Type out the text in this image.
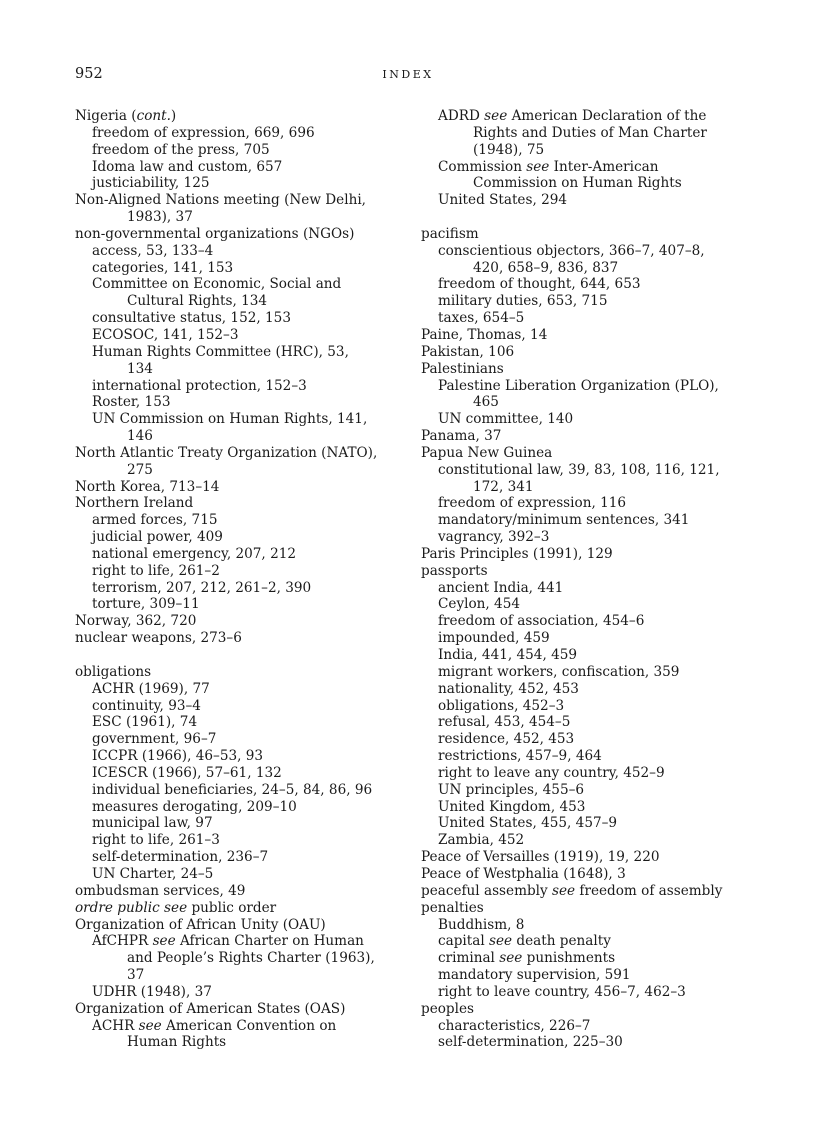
952	INDEX
Nigeria (cont.)
freedom of expression, 669, 696
freedom of the press, 705
Idoma law and custom, 657
justiciability, 125
Non-Aligned Nations meeting (New Delhi,
1983), 37
non-governmental organizations (NGOs)
access, 53, 133–4
categories, 141, 153
Committee on Economic, Social and
Cultural Rights, 134
consultative status, 152, 153
ECOSOC, 141, 152–3
Human Rights Committee (HRC), 53,
134
international protection, 152–3
Roster, 153
UN Commission on Human Rights, 141,
146
North Atlantic Treaty Organization (NATO),
275
North Korea, 713–14
Northern Ireland
armed forces, 715
judicial power, 409
national emergency, 207, 212
right to life, 261–2
terrorism, 207, 212, 261–2, 390
torture, 309–11
Norway, 362, 720
nuclear weapons, 273–6
obligations
ACHR (1969), 77
continuity, 93–4
ESC (1961), 74
government, 96–7
ICCPR (1966), 46–53, 93
ICESCR (1966), 57–61, 132
individual beneficiaries, 24–5, 84, 86, 96
measures derogating, 209–10
municipal law, 97
right to life, 261–3
self-determination, 236–7
UN Charter, 24–5
ombudsman services, 49
ordre public see public order
Organization of African Unity (OAU)
AfCHPR see African Charter on Human
and People’s Rights Charter (1963),
37
UDHR (1948), 37
Organization of American States (OAS)
ACHR see American Convention on
Human Rights
ADRD see American Declaration of the
Rights and Duties of Man Charter
(1948), 75
Commission see Inter-American
Commission on Human Rights
United States, 294
pacifism
conscientious objectors, 366–7, 407–8,
420, 658–9, 836, 837
freedom of thought, 644, 653
military duties, 653, 715
taxes, 654–5
Paine, Thomas, 14
Pakistan, 106
Palestinians
Palestine Liberation Organization (PLO),
465
UN committee, 140
Panama, 37
Papua New Guinea
constitutional law, 39, 83, 108, 116, 121,
172, 341
freedom of expression, 116
mandatory/minimum sentences, 341
vagrancy, 392–3
Paris Principles (1991), 129
passports
ancient India, 441
Ceylon, 454
freedom of association, 454–6
impounded, 459
India, 441, 454, 459
migrant workers, confiscation, 359
nationality, 452, 453
obligations, 452–3
refusal, 453, 454–5
residence, 452, 453
restrictions, 457–9, 464
right to leave any country, 452–9
UN principles, 455–6
United Kingdom, 453
United States, 455, 457–9
Zambia, 452
Peace of Versailles (1919), 19, 220
Peace of Westphalia (1648), 3
peaceful assembly see freedom of assembly
penalties
Buddhism, 8
capital see death penalty
criminal see punishments
mandatory supervision, 591
right to leave country, 456–7, 462–3
peoples
characteristics, 226–7
self-determination, 225–30
